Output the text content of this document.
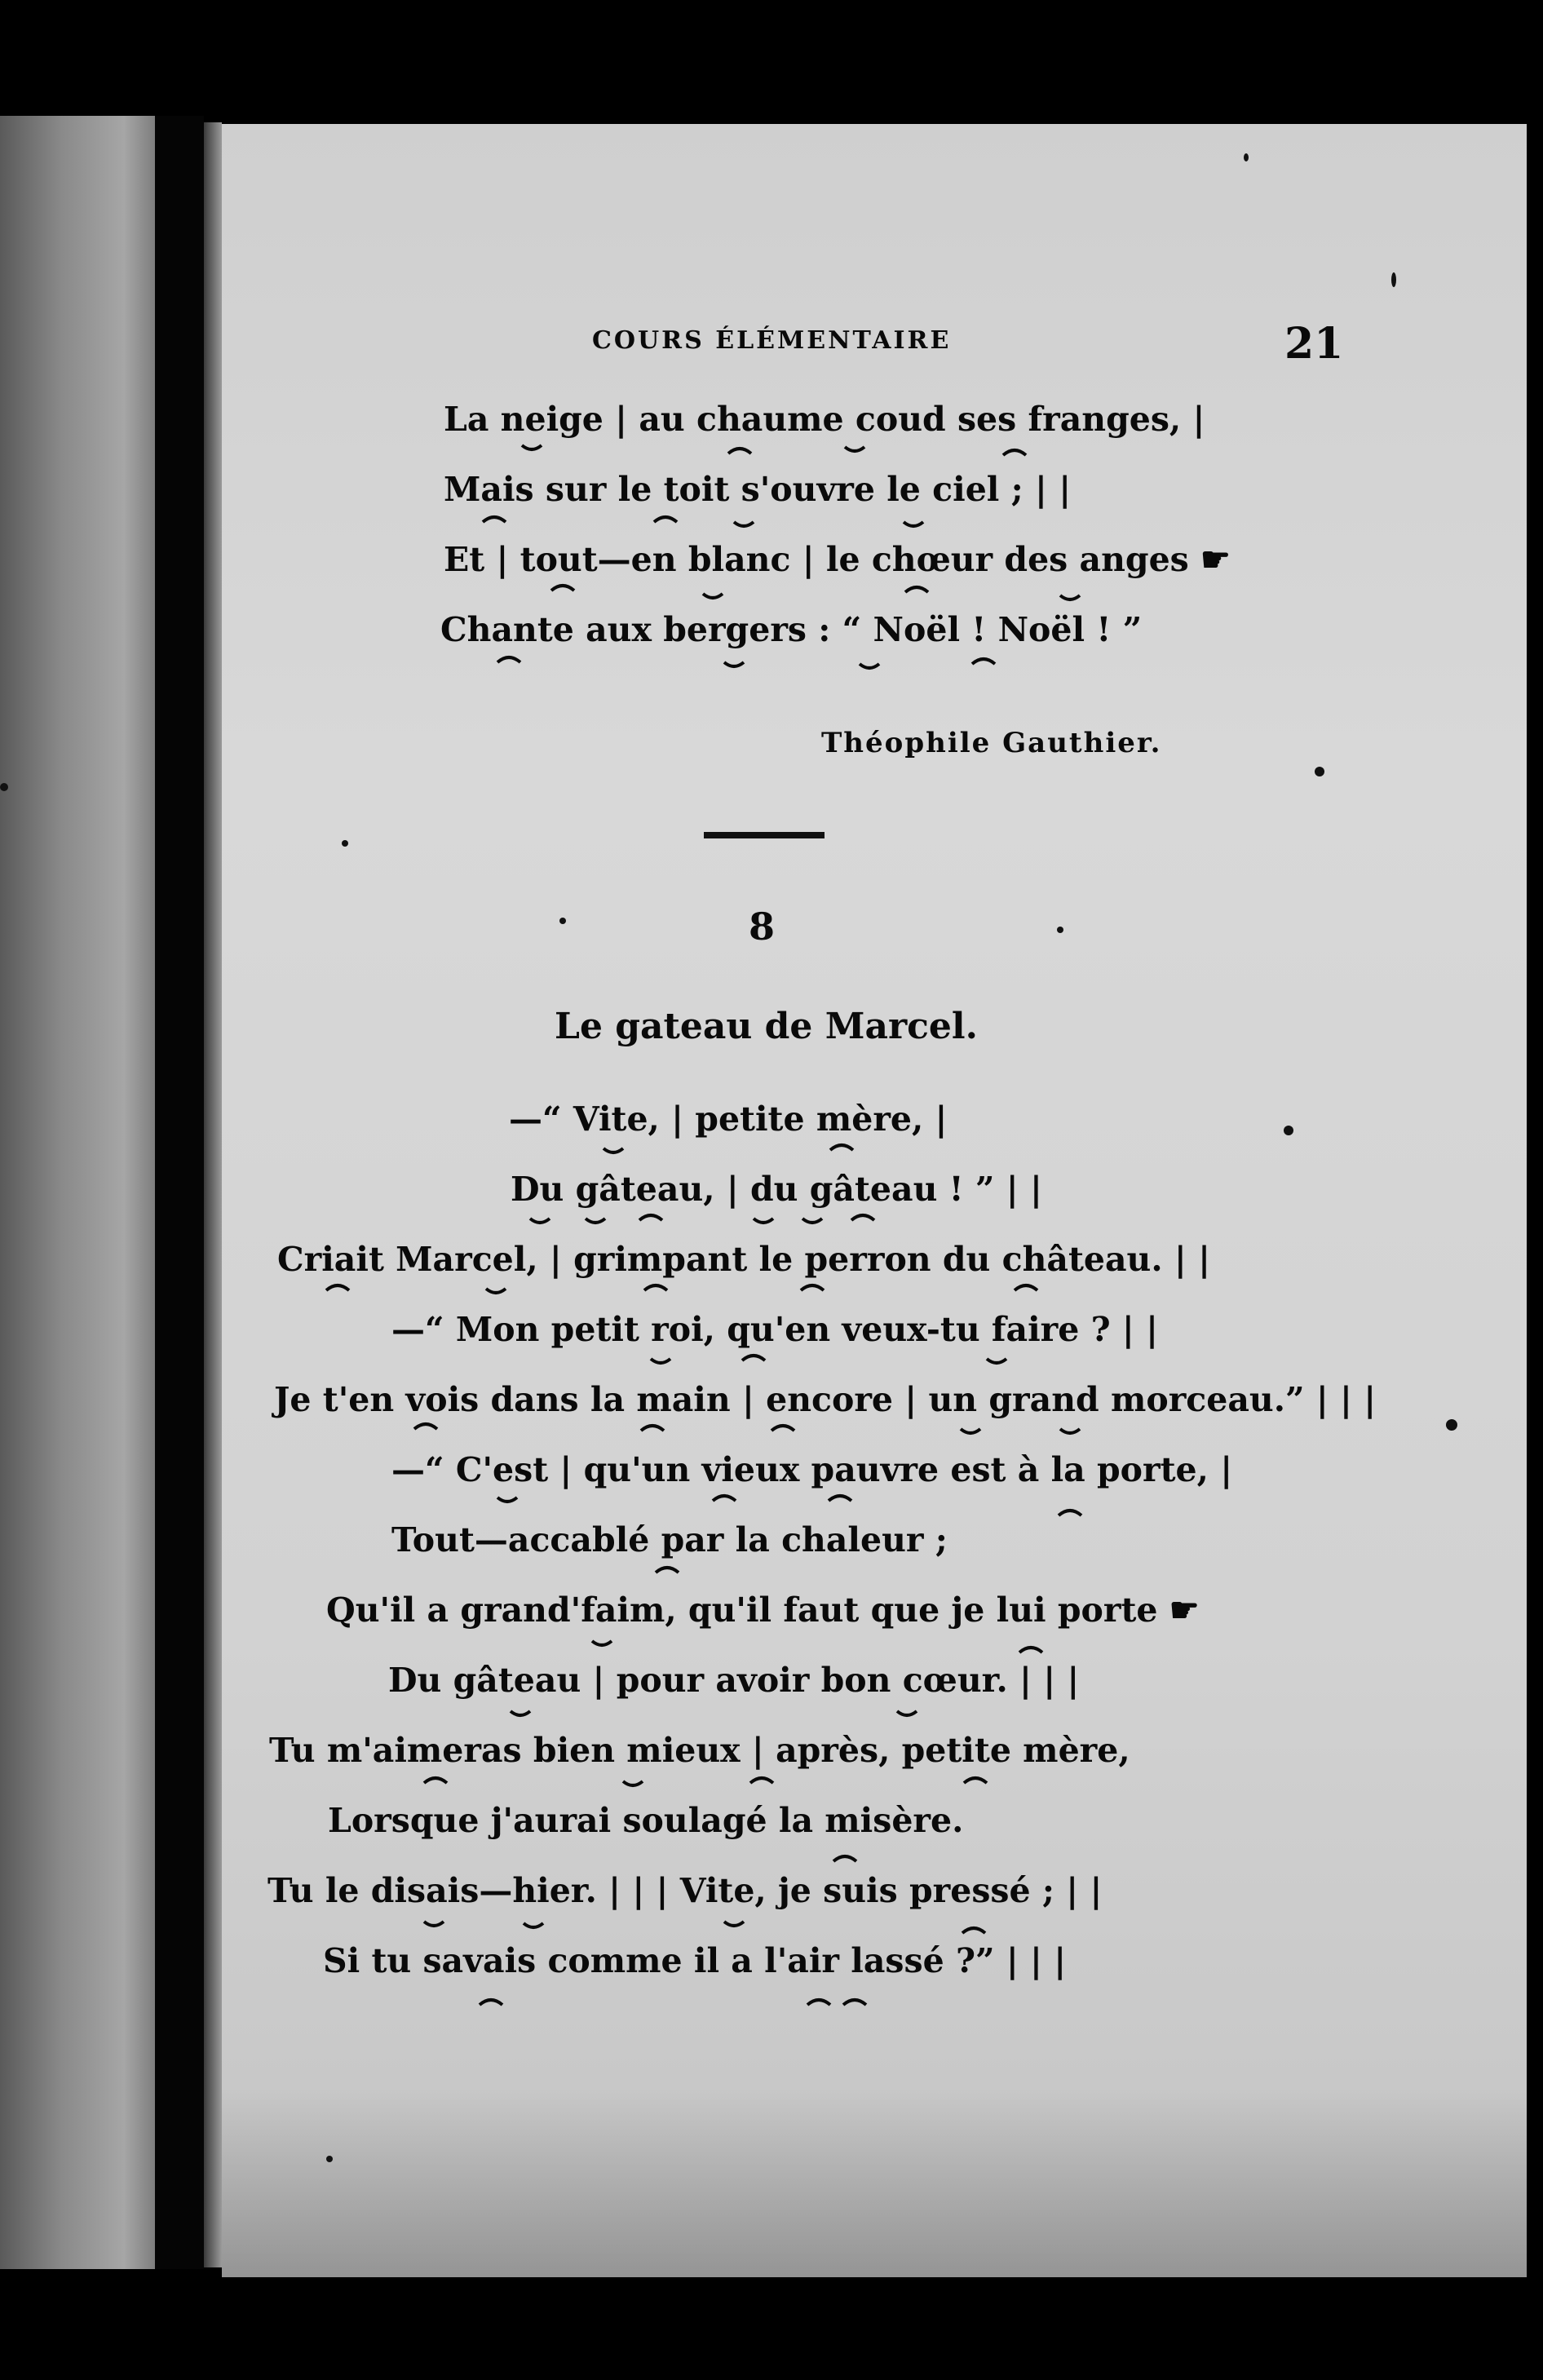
COURS ÉLÉMENTAIRE	21
La neige | au chaume coud ses franges, |
Mais sur le toit s'ouvre le ciel ; | |
Et | tout—en blanc | le chœur des anges ☛
Chante aux bergers : “ Noël ! Noël ! ”
Théophile Gauthier.
8
Le gateau de Marcel.
—“ Vite, | petite mère, |
Du gâteau, | du gâteau ! ” | |
Criait Marcel, | grimpant le perron du château. | |
—“ Mon petit roi, qu'en veux-tu faire ? | |
Je t'en vois dans la main | encore | un grand morceau.” | | |
—“ C'est | qu'un vieux pauvre est à la porte, |
Tout—accablé par la chaleur ;
Qu'il a grand'faim, qu'il faut que je lui porte ☛
Du gâteau | pour avoir bon cœur. | | |
Tu m'aimeras bien mieux | après, petite mère,
Lorsque j'aurai soulagé la misère.
Tu le disais—hier. | | | Vite, je suis pressé ; | |
Si tu savais comme il a l'air lassé ?” | | |
